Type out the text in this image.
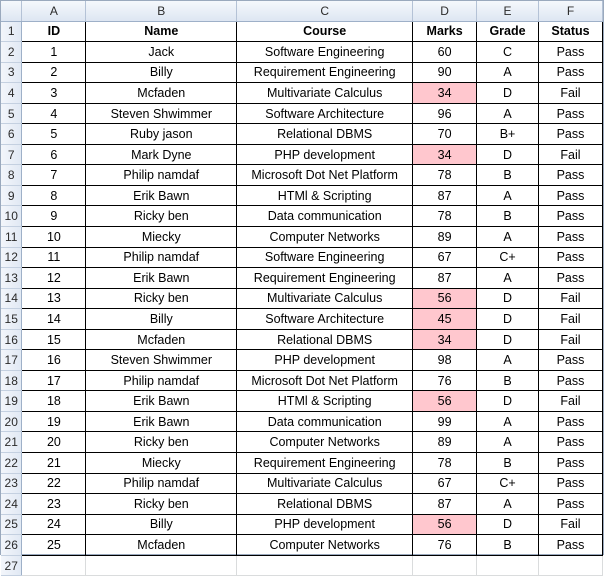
	A	B	C	D	E	F
1	ID	Name	Course	Marks	Grade	Status
2	1	Jack	Software Engineering	60	C	Pass
3	2	Billy	Requirement Engineering	90	A	Pass
4	3	Mcfaden	Multivariate Calculus	34	D	Fail
5	4	Steven Shwimmer	Software Architecture	96	A	Pass
6	5	Ruby jason	Relational DBMS	70	B+	Pass
7	6	Mark Dyne	PHP development	34	D	Fail
8	7	Philip namdaf	Microsoft Dot Net Platform	78	B	Pass
9	8	Erik Bawn	HTMl & Scripting	87	A	Pass
10	9	Ricky ben	Data communication	78	B	Pass
11	10	Miecky	Computer Networks	89	A	Pass
12	11	Philip namdaf	Software Engineering	67	C+	Pass
13	12	Erik Bawn	Requirement Engineering	87	A	Pass
14	13	Ricky ben	Multivariate Calculus	56	D	Fail
15	14	Billy	Software Architecture	45	D	Fail
16	15	Mcfaden	Relational DBMS	34	D	Fail
17	16	Steven Shwimmer	PHP development	98	A	Pass
18	17	Philip namdaf	Microsoft Dot Net Platform	76	B	Pass
19	18	Erik Bawn	HTMl & Scripting	56	D	Fail
20	19	Erik Bawn	Data communication	99	A	Pass
21	20	Ricky ben	Computer Networks	89	A	Pass
22	21	Miecky	Requirement Engineering	78	B	Pass
23	22	Philip namdaf	Multivariate Calculus	67	C+	Pass
24	23	Ricky ben	Relational DBMS	87	A	Pass
25	24	Billy	PHP development	56	D	Fail
26	25	Mcfaden	Computer Networks	76	B	Pass
27						
